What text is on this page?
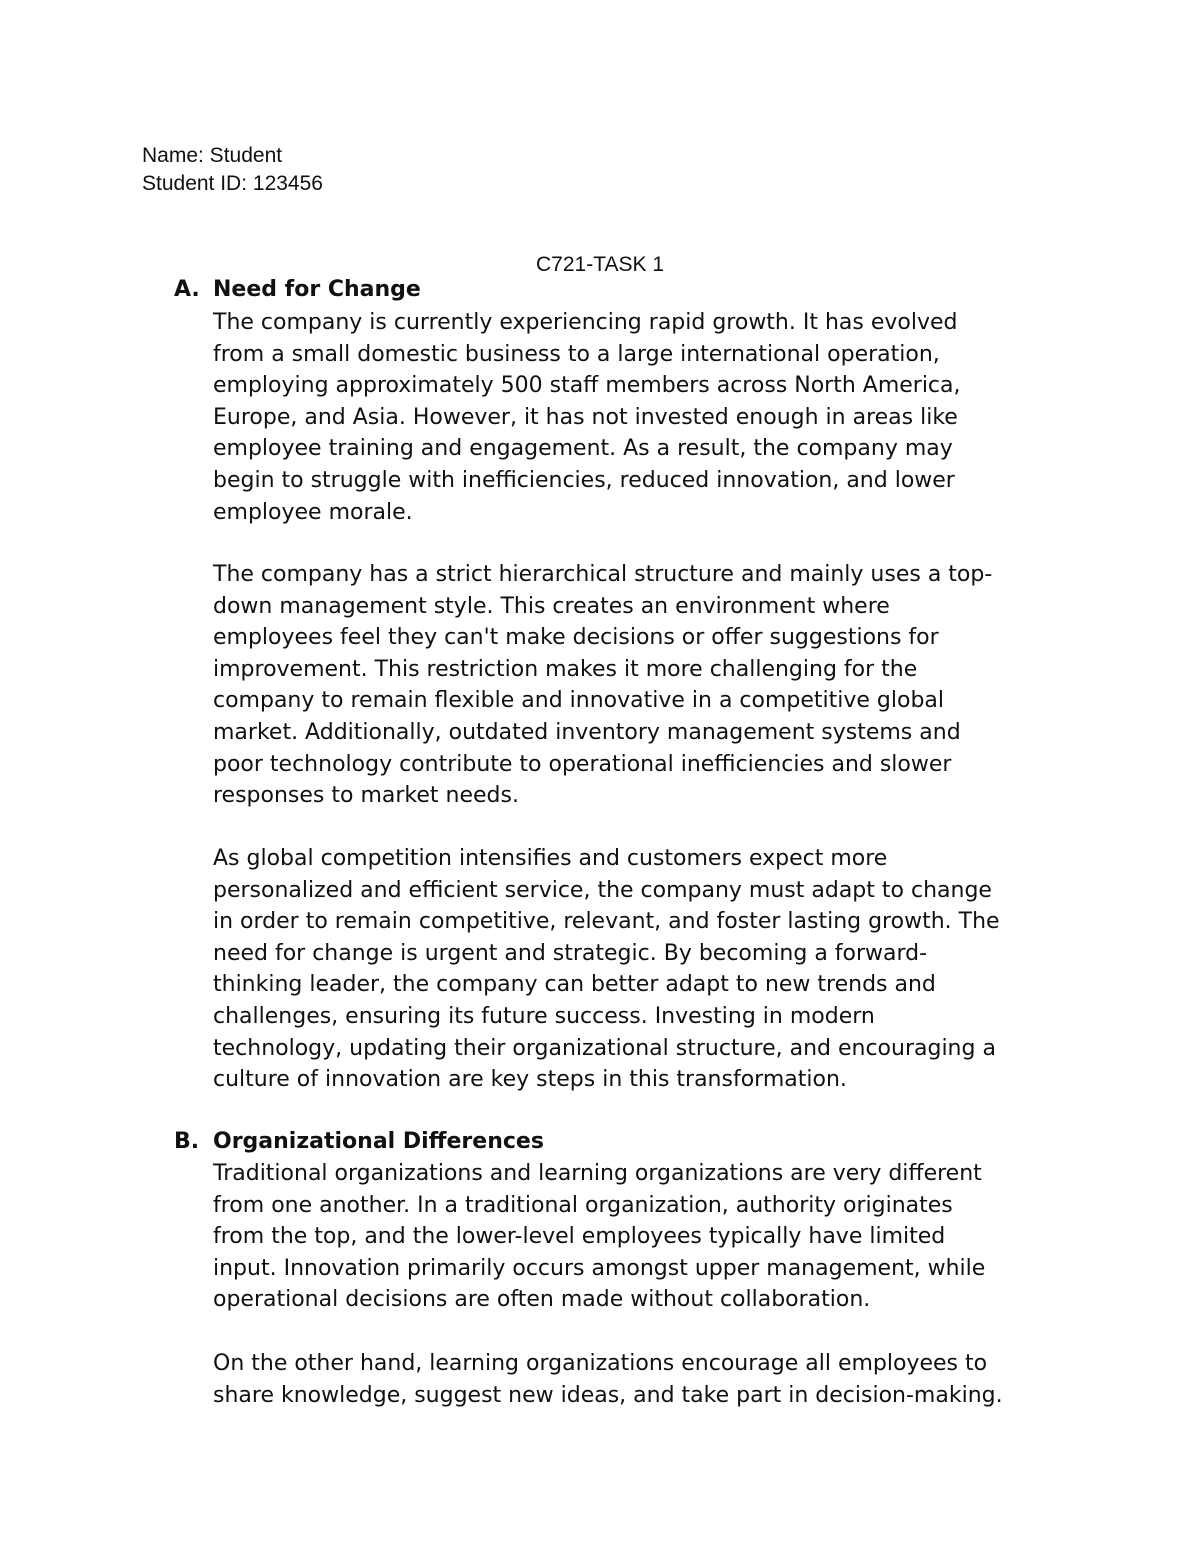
Name: Student
Student ID: 123456
C721-TASK 1
A. Need for Change

The company is currently experiencing rapid growth. It has evolved
from a small domestic business to a large international operation,
employing approximately 500 staff members across North America,
Europe, and Asia. However, it has not invested enough in areas like
employee training and engagement. As a result, the company may
begin to struggle with inefficiencies, reduced innovation, and lower
employee morale.

The company has a strict hierarchical structure and mainly uses a top-
down management style. This creates an environment where
employees feel they can't make decisions or offer suggestions for
improvement. This restriction makes it more challenging for the
company to remain flexible and innovative in a competitive global
market. Additionally, outdated inventory management systems and
poor technology contribute to operational inefficiencies and slower
responses to market needs.

As global competition intensifies and customers expect more
personalized and efficient service, the company must adapt to change
in order to remain competitive, relevant, and foster lasting growth. The
need for change is urgent and strategic. By becoming a forward-
thinking leader, the company can better adapt to new trends and
challenges, ensuring its future success. Investing in modern
technology, updating their organizational structure, and encouraging a
culture of innovation are key steps in this transformation.

B. Organizational Differences

Traditional organizations and learning organizations are very different
from one another. In a traditional organization, authority originates
from the top, and the lower-level employees typically have limited
input. Innovation primarily occurs amongst upper management, while
operational decisions are often made without collaboration.

On the other hand, learning organizations encourage all employees to
share knowledge, suggest new ideas, and take part in decision-making.
